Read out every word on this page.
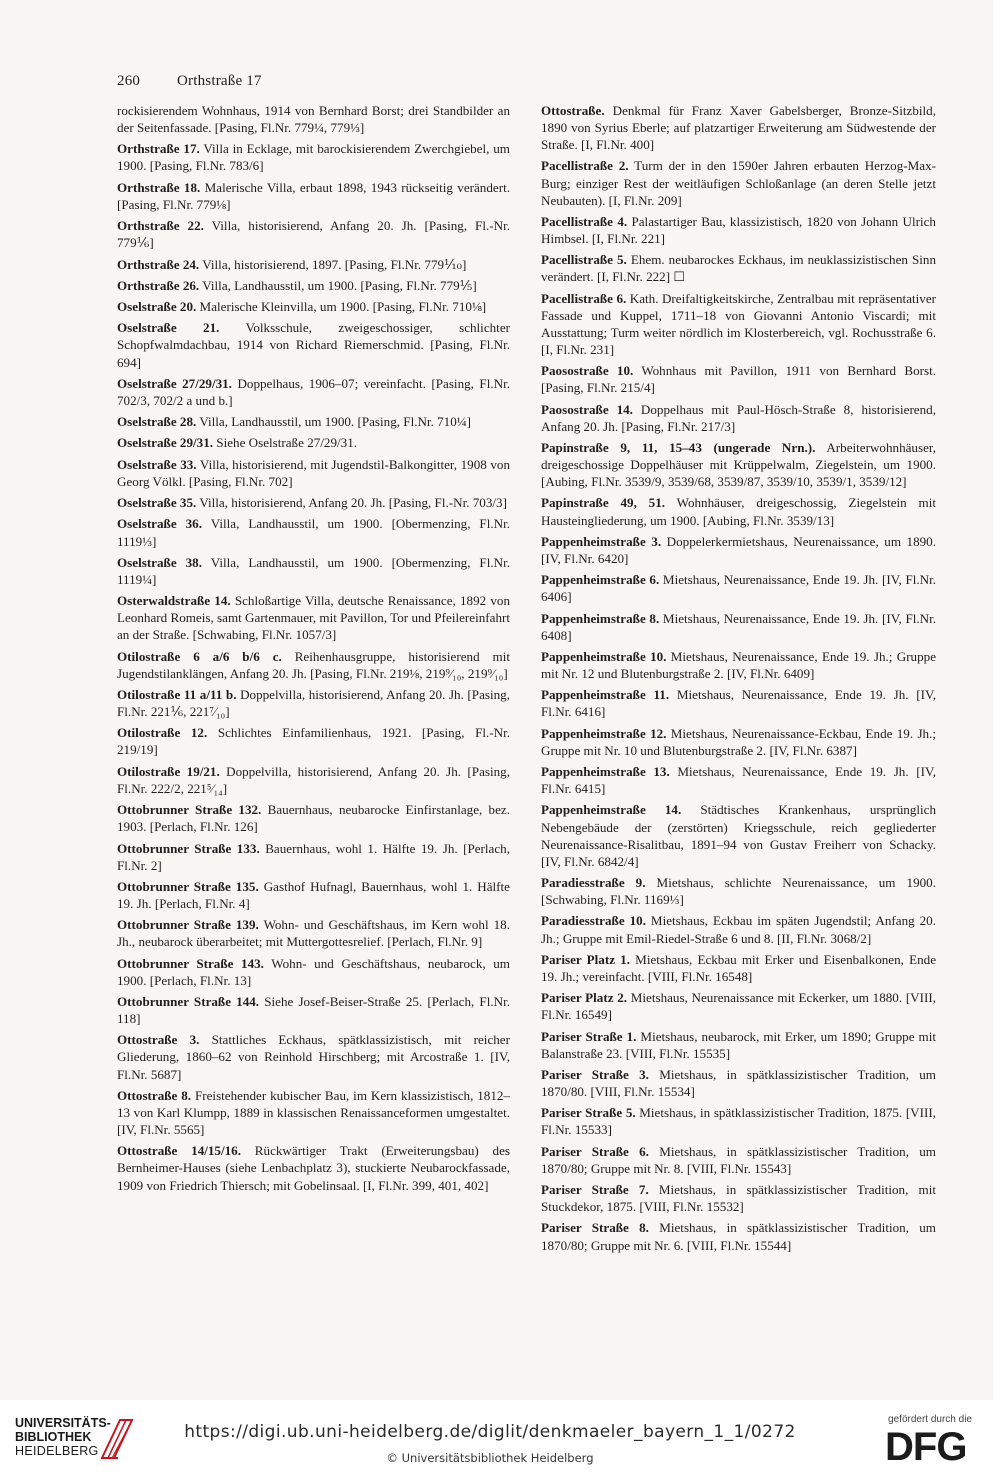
260 Orthstraße 17
rockisierendem Wohnhaus, 1914 von Bernhard Borst; drei Standbilder an der Seitenfassade. [Pasing, Fl.Nr. 779¼, 779⅓]
Orthstraße 17. Villa in Ecklage, mit barockisierendem Zwerchgiebel, um 1900. [Pasing, Fl.Nr. 783/6]
Orthstraße 18. Malerische Villa, erbaut 1898, 1943 rückseitig verändert. [Pasing, Fl.Nr. 779⅛]
Orthstraße 22. Villa, historisierend, Anfang 20. Jh. [Pasing, Fl.-Nr. 779⅙]
Orthstraße 24. Villa, historisierend, 1897. [Pasing, Fl.Nr. 779⅒]
Orthstraße 26. Villa, Landhausstil, um 1900. [Pasing, Fl.Nr. 779⅕]
Oselstraße 20. Malerische Kleinvilla, um 1900. [Pasing, Fl.Nr. 710⅛]
Oselstraße 21. Volksschule, zweigeschossiger, schlichter Schopfwalmdachbau, 1914 von Richard Riemerschmid. [Pasing, Fl.Nr. 694]
Oselstraße 27/29/31. Doppelhaus, 1906–07; vereinfacht. [Pasing, Fl.Nr. 702/3, 702/2 a und b.]
Oselstraße 28. Villa, Landhausstil, um 1900. [Pasing, Fl.Nr. 710¼]
Oselstraße 29/31. Siehe Oselstraße 27/29/31.
Oselstraße 33. Villa, historisierend, mit Jugendstil-Balkongitter, 1908 von Georg Völkl. [Pasing, Fl.Nr. 702]
Oselstraße 35. Villa, historisierend, Anfang 20. Jh. [Pasing, Fl.-Nr. 703/3]
Oselstraße 36. Villa, Landhausstil, um 1900. [Obermenzing, Fl.Nr. 1119⅓]
Oselstraße 38. Villa, Landhausstil, um 1900. [Obermenzing, Fl.Nr. 1119¼]
Osterwaldstraße 14. Schloßartige Villa, deutsche Renaissance, 1892 von Leonhard Romeis, samt Gartenmauer, mit Pavillon, Tor und Pfeilereinfahrt an der Straße. [Schwabing, Fl.Nr. 1057/3]
Otilostraße 6 a/6 b/6 c. Reihenhausgruppe, historisierend mit Jugendstilanklängen, Anfang 20. Jh. [Pasing, Fl.Nr. 219⅛, 219⁹⁄₁₀, 219⁹⁄₁₀]
Otilostraße 11 a/11 b. Doppelvilla, historisierend, Anfang 20. Jh. [Pasing, Fl.Nr. 221⅙, 221⁷⁄₁₀]
Otilostraße 12. Schlichtes Einfamilienhaus, 1921. [Pasing, Fl.-Nr. 219/19]
Otilostraße 19/21. Doppelvilla, historisierend, Anfang 20. Jh. [Pasing, Fl.Nr. 222/2, 221⁵⁄₁₄]
Ottobrunner Straße 132. Bauernhaus, neubarocke Einfirstanlage, bez. 1903. [Perlach, Fl.Nr. 126]
Ottobrunner Straße 133. Bauernhaus, wohl 1. Hälfte 19. Jh. [Perlach, Fl.Nr. 2]
Ottobrunner Straße 135. Gasthof Hufnagl, Bauernhaus, wohl 1. Hälfte 19. Jh. [Perlach, Fl.Nr. 4]
Ottobrunner Straße 139. Wohn- und Geschäftshaus, im Kern wohl 18. Jh., neubarock überarbeitet; mit Muttergottesrelief. [Perlach, Fl.Nr. 9]
Ottobrunner Straße 143. Wohn- und Geschäftshaus, neubarock, um 1900. [Perlach, Fl.Nr. 13]
Ottobrunner Straße 144. Siehe Josef-Beiser-Straße 25. [Perlach, Fl.Nr. 118]
Ottostraße 3. Stattliches Eckhaus, spätklassizistisch, mit reicher Gliederung, 1860–62 von Reinhold Hirschberg; mit Arcostraße 1. [IV, Fl.Nr. 5687]
Ottostraße 8. Freistehender kubischer Bau, im Kern klassizistisch, 1812–13 von Karl Klumpp, 1889 in klassischen Renaissanceformen umgestaltet. [IV, Fl.Nr. 5565]
Ottostraße 14/15/16. Rückwärtiger Trakt (Erweiterungsbau) des Bernheimer-Hauses (siehe Lenbachplatz 3), stuckierte Neubarockfassade, 1909 von Friedrich Thiersch; mit Gobelinsaal. [I, Fl.Nr. 399, 401, 402]
Ottostraße. Denkmal für Franz Xaver Gabelsberger, Bronze-Sitzbild, 1890 von Syrius Eberle; auf platzartiger Erweiterung am Südwestende der Straße. [I, Fl.Nr. 400]
Pacellistraße 2. Turm der in den 1590er Jahren erbauten Herzog-Max-Burg; einziger Rest der weitläufigen Schloßanlage (an deren Stelle jetzt Neubauten). [I, Fl.Nr. 209]
Pacellistraße 4. Palastartiger Bau, klassizistisch, 1820 von Johann Ulrich Himbsel. [I, Fl.Nr. 221]
Pacellistraße 5. Ehem. neubarockes Eckhaus, im neuklassizistischen Sinn verändert. [I, Fl.Nr. 222] ☐
Pacellistraße 6. Kath. Dreifaltigkeitskirche, Zentralbau mit repräsentativer Fassade und Kuppel, 1711–18 von Giovanni Antonio Viscardi; mit Ausstattung; Turm weiter nördlich im Klosterbereich, vgl. Rochusstraße 6. [I, Fl.Nr. 231]
Paosostraße 10. Wohnhaus mit Pavillon, 1911 von Bernhard Borst. [Pasing, Fl.Nr. 215/4]
Paosostraße 14. Doppelhaus mit Paul-Hösch-Straße 8, historisierend, Anfang 20. Jh. [Pasing, Fl.Nr. 217/3]
Papinstraße 9, 11, 15–43 (ungerade Nrn.). Arbeiterwohnhäuser, dreigeschossige Doppelhäuser mit Krüppelwalm, Ziegelstein, um 1900. [Aubing, Fl.Nr. 3539/9, 3539/68, 3539/87, 3539/10, 3539/1, 3539/12]
Papinstraße 49, 51. Wohnhäuser, dreigeschossig, Ziegelstein mit Hausteingliederung, um 1900. [Aubing, Fl.Nr. 3539/13]
Pappenheimstraße 3. Doppelerkermietshaus, Neurenaissance, um 1890. [IV, Fl.Nr. 6420]
Pappenheimstraße 6. Mietshaus, Neurenaissance, Ende 19. Jh. [IV, Fl.Nr. 6406]
Pappenheimstraße 8. Mietshaus, Neurenaissance, Ende 19. Jh. [IV, Fl.Nr. 6408]
Pappenheimstraße 10. Mietshaus, Neurenaissance, Ende 19. Jh.; Gruppe mit Nr. 12 und Blutenburgstraße 2. [IV, Fl.Nr. 6409]
Pappenheimstraße 11. Mietshaus, Neurenaissance, Ende 19. Jh. [IV, Fl.Nr. 6416]
Pappenheimstraße 12. Mietshaus, Neurenaissance-Eckbau, Ende 19. Jh.; Gruppe mit Nr. 10 und Blutenburgstraße 2. [IV, Fl.Nr. 6387]
Pappenheimstraße 13. Mietshaus, Neurenaissance, Ende 19. Jh. [IV, Fl.Nr. 6415]
Pappenheimstraße 14. Städtisches Krankenhaus, ursprünglich Nebengebäude der (zerstörten) Kriegsschule, reich gegliederter Neurenaissance-Risalitbau, 1891–94 von Gustav Freiherr von Schacky. [IV, Fl.Nr. 6842/4]
Paradiesstraße 9. Mietshaus, schlichte Neurenaissance, um 1900. [Schwabing, Fl.Nr. 1169⅓]
Paradiesstraße 10. Mietshaus, Eckbau im späten Jugendstil; Anfang 20. Jh.; Gruppe mit Emil-Riedel-Straße 6 und 8. [II, Fl.Nr. 3068/2]
Pariser Platz 1. Mietshaus, Eckbau mit Erker und Eisenbalkonen, Ende 19. Jh.; vereinfacht. [VIII, Fl.Nr. 16548]
Pariser Platz 2. Mietshaus, Neurenaissance mit Eckerker, um 1880. [VIII, Fl.Nr. 16549]
Pariser Straße 1. Mietshaus, neubarock, mit Erker, um 1890; Gruppe mit Balanstraße 23. [VIII, Fl.Nr. 15535]
Pariser Straße 3. Mietshaus, in spätklassizistischer Tradition, um 1870/80. [VIII, Fl.Nr. 15534]
Pariser Straße 5. Mietshaus, in spätklassizistischer Tradition, 1875. [VIII, Fl.Nr. 15533]
Pariser Straße 6. Mietshaus, in spätklassizistischer Tradition, um 1870/80; Gruppe mit Nr. 8. [VIII, Fl.Nr. 15543]
Pariser Straße 7. Mietshaus, in spätklassizistischer Tradition, mit Stuckdekor, 1875. [VIII, Fl.Nr. 15532]
Pariser Straße 8. Mietshaus, in spätklassizistischer Tradition, um 1870/80; Gruppe mit Nr. 6. [VIII, Fl.Nr. 15544]
UNIVERSITÄTS-
BIBLIOTHEK
HEIDELBERG
https://digi.ub.uni-heidelberg.de/diglit/denkmaeler_bayern_1_1/0272
© Universitätsbibliothek Heidelberg
gefördert durch die
DFG
